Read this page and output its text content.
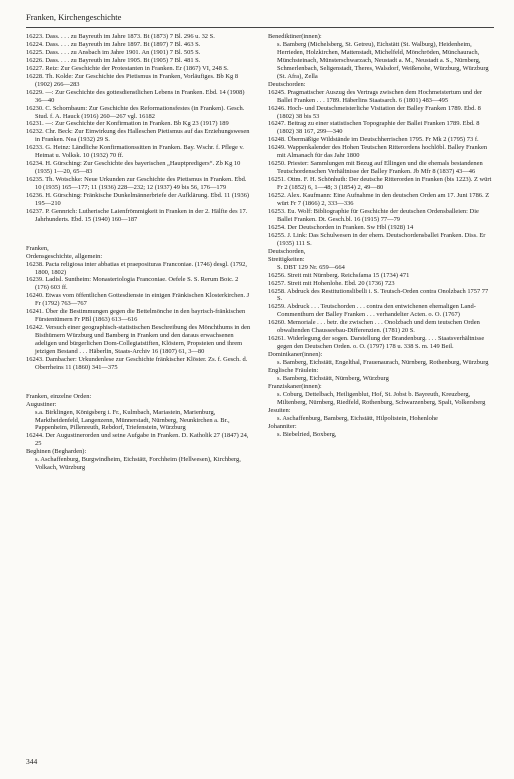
Franken, Kirchengeschichte

16223. Dass. . . . zu Bayreuth im Jahre 1873. Bt (1873) 7 Bl. 296 u. 32 S.

16224. Dass. . . . zu Bayreuth im Jahre 1897. Bt (1897) 7 Bl. 463 S.

16225. Dass. . . . zu Ansbach im Jahre 1901. An (1901) 7 Bl. 505 S.

16226. Dass. . . . zu Bayreuth im Jahre 1905. Bt (1905) 7 Bl. 481 S.

16227. Reiz: Zur Geschichte der Protestanten in Franken. Er (1867) VI, 248 S.

16228. Th. Kolde: Zur Geschichte des Pietismus in Franken, Vorläufiges. Bb Kg 8 (1902) 266—283

16229. —: Zur Geschichte des gottesdienstlichen Lebens in Franken. Ebd. 14 (1908) 36—40

16230. C. Schornbaum: Zur Geschichte des Reformationsfestes (in Franken). Gesch. Stud. f. A. Hauck (1916) 260—267 vgl. 16182

16231. —: Zur Geschichte der Konfirmation in Franken. Bb Kg 23 (1917) 189

16232. Chr. Beck: Zur Einwirkung des Halleschen Pietismus auf das Erziehungswesen in Franken. Nea (1932) 29 S.

16233. G. Heinz: Ländliche Konfirmationssitten in Franken. Bay. Wschr. f. Pflege v. Heimat u. Volksk. 10 (1932) 70 ff.

16234. H. Gürsching: Zur Geschichte des bayerischen „Hauptpredigers“. Zb Kg 10 (1935) 1—20, 65—83

16235. Th. Wotschke: Neue Urkunden zur Geschichte des Pietismus in Franken. Ebd. 10 (1935) 165—177; 11 (1936) 228—232; 12 (1937) 49 bis 56, 176—179

16236. H. Gürsching: Fränkische Dunkelmännerbriefe der Aufklärung. Ebd. 11 (1936) 195—210

16237. P. Gennrich: Lutherische Laienfrömmigkeit in Franken in der 2. Hälfte des 17. Jahrhunderts. Ebd. 15 (1940) 160—187

Franken,

Ordensgeschichte, allgemein:

16238. Pacta religiosa inter abbatias et praeposituras Franconiae. (1746) desgl. (1792, 1800, 1802)

16239. Ladisl. Suntheim: Monasteriologia Franconiae. Oefele S. S. Rerum Boic. 2 (176) 603 ff.

16240. Etwas vom öffentlichen Gottesdienste in einigen Fränkischen Klosterkirchen. J Fr (1792) 763—767

16241. Über die Bestimmungen gegen die Bettelmönche in den bayrisch-fränkischen Fürstentümern Fr PBl (1863) 613—616

16242. Versuch einer geographisch-statistischen Beschreibung des Mönchthums in den Bisthümern Würzburg und Bamberg in Franken und den daraus erwachsenen adeligen und bürgerlichen Dom-Collegiatstiften, Klöstern, Propsteien und ihrem jetzigen Bestand . . . Häberlin, Staats-Archiv 16 (1807) 61, 3—80

16243. Dambacher: Urkundenlese zur Geschichte fränkischer Klöster. Zs. f. Gesch. d. Oberrheins 11 (1860) 341—375

Franken, einzelne Orden:

Augustiner:

s.a. Birklingen, Königsberg i. Fr., Kulmbach, Mariastein, Marienburg, Marktheidenfeld, Langenzenn, Münnerstadt, Nürnberg, Neunkirchen a. Br., Pappenheim, Pillenreuth, Rebdorf, Triefenstein, Würzburg

16244. Der Augustinerorden und seine Aufgabe in Franken. D. Katholik 27 (1847) 24, 25

Beghinen (Begharden):

s. Aschaffenburg, Burgwindheim, Eichstätt, Forchheim (Hellwesen), Kirchberg, Volkach, Würzburg

Benediktiner(innen):

s. Bamberg (Michelsberg, St. Getreu), Eichstätt (St. Walburg), Heidenheim, Herrieden, Holzkirchen, Mattenstadt, Michelfeld, Mönchröden, Münchaurach, Münchsteinach, Münsterschwarzach, Neustadt a. M., Neustadt a. S., Nürnberg, Schmerlenbach, Seligenstadt, Theres, Walsdorf, Weißenohe, Würzburg, Würzburg (St. Afra), Zella

Deutschorden:

16245. Pragmatischer Auszug des Vertrags zwischen dem Hochmeistertum und der Ballei Franken . . . 1789. Häberlins Staatsarch. 6 (1801) 483—495

16246. Hoch- und Deutschmeisterliche Visitation der Balley Franken 1789. Ebd. 8 (1802) 38 bis 53

16247. Beitrag zu einer statistischen Topographie der Ballei Franken 1789. Ebd. 8 (1802) 38 167, 299—340

16248. Übermäßige Wildstände im Deutschherrischen 1795. Fr Mk 2 (1795) 73 f.

16249. Wappenkalender des Hohen Teutschen Ritterordens hochlöbl. Balley Franken mit Almanach für das Jahr 1800

16250. Priester: Sammlungen mit Bezug auf Ellingen und die ehemals bestandenen Teutschordenschen Verhältnisse der Balley Franken. Jb Mfr 8 (1837) 43—46

16251. Ottm. F. H. Schönhuth: Der deutsche Ritterorden in Franken (bis 1223). Z würt Fr 2 (1852) 6, 1—48; 3 (1854) 2, 49—80

16252. Alex. Kaufmann: Eine Aufnahme in den deutschen Orden am 17. Juni 1786. Z würt Fr 7 (1866) 2, 333—336

16253. Eu. Wolf: Bibliographie für Geschichte der deutschen Ordensballeien: Die Ballei Franken. Dt. Gesch.bl. 16 (1915) 77—79

16254. Der Deutschorden in Franken. Sw Hbl (1928) 14

16255. J. Link: Das Schulwesen in der ehem. Deutschordensballei Franken. Diss. Er (1935) 111 S.

Deutschorden,

Streitigkeiten:

S. DBT 129 Nr. 659—664

16256. Streit mit Nürnberg. Reichsfama 15 (1734) 471

16257. Streit mit Hohenlohe. Ebd. 20 (1736) 723

16258. Abdruck des Restitutionslibelli i. S. Teutsch-Orden contra Onolzbach 1757 77 S.

16259. Abdruck . . . Teutschorden . . . contra den entwichenen ehemaligen Land-Commenthurn der Balley Franken . . . verhandelter Acten. o. O. (1767)

16260. Memoriale . . . betr. die zwischen . . . Onolzbach und dem teutschen Orden obwaltenden Chausseebau-Differenzien. (1781) 20 S.

16261. Widerlegung der sogen. Darstellung der Brandenburg. . . . Staatsverhältnisse gegen den Deutschen Orden. o. O. (1797) 178 u. 338 S. m. 149 Beil.

Dominikaner(innen):

s. Bamberg, Eichstätt, Engelthal, Frauenaurach, Nürnberg, Rothenburg, Würzburg

Englische Fräulein:

s. Bamberg, Eichstätt, Nürnberg, Würzburg

Franziskaner(innen):

s. Coburg, Dettelbach, Heiligenblut, Hof, St. Jobst b. Bayreuth, Kreuzberg, Miltenberg, Nürnberg, Riedfeld, Rothenburg, Schwarzenberg, Spalt, Volkersberg

Jesuiten:

s. Aschaffenburg, Bamberg, Eichstätt, Hilpoltstein, Hohenlohe

Johanniter:

s. Biebelried, Boxberg,

344
